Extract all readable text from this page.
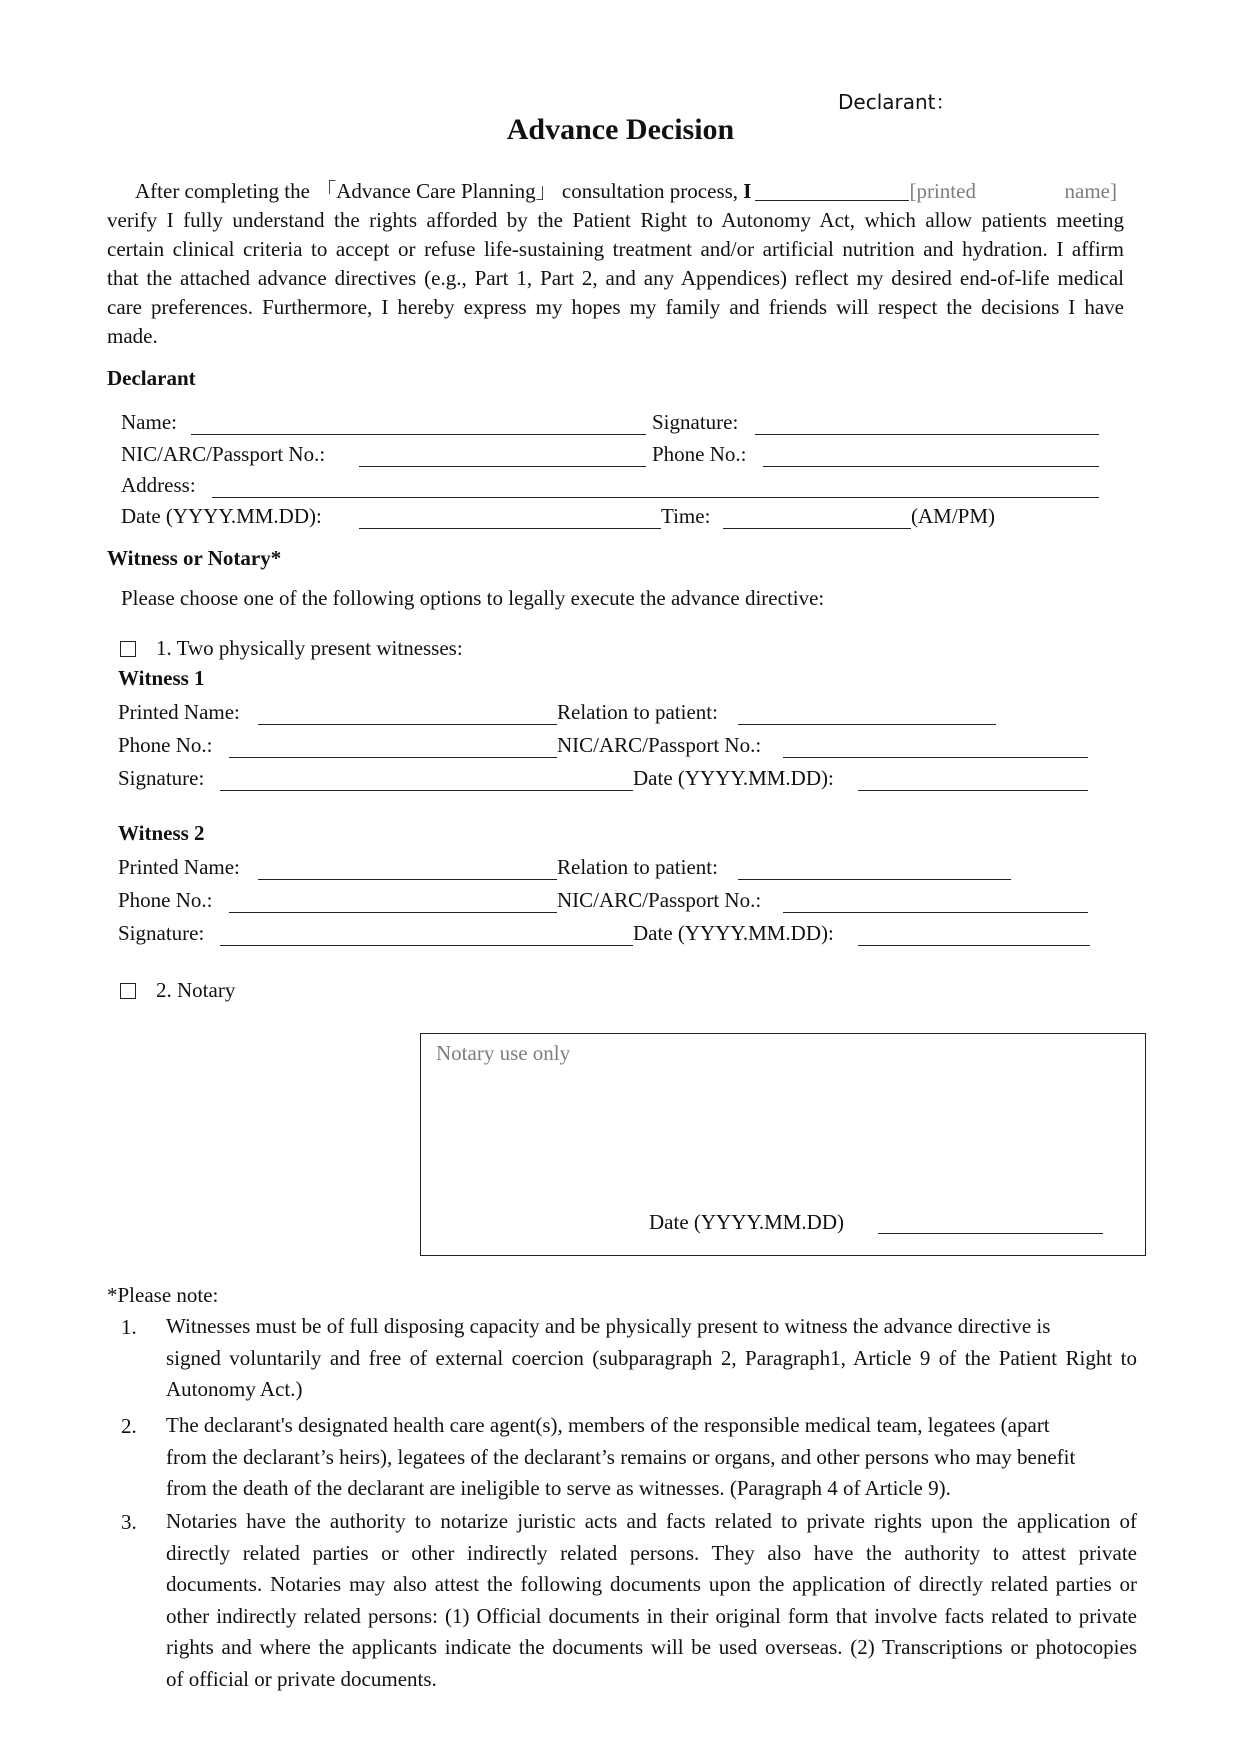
Declarant：
Advance Decision
After completing the 「Advance Care Planning」 consultation process, I	[printed	name]
verify I fully understand the rights afforded by the Patient Right to Autonomy Act, which allow patients meeting
certain clinical criteria to accept or refuse life-sustaining treatment and/or artificial nutrition and hydration. I affirm
that the attached advance directives (e.g., Part 1, Part 2, and any Appendices) reflect my desired end-of-life medical
care preferences. Furthermore, I hereby express my hopes my family and friends will respect the decisions I have
made.
Declarant
Name:	Signature:
NIC/ARC/Passport No.:	Phone No.:
Address:
Date (YYYY.MM.DD):	Time:	(AM/PM)
Witness or Notary*
Please choose one of the following options to legally execute the advance directive:
1. Two physically present witnesses:
Witness 1
Printed Name:	Relation to patient:
Phone No.:	NIC/ARC/Passport No.:
Signature:	Date (YYYY.MM.DD):
Witness 2
Printed Name:	Relation to patient:
Phone No.:	NIC/ARC/Passport No.:
Signature:	Date (YYYY.MM.DD):
2. Notary
Notary use only
Date (YYYY.MM.DD)
*Please note:
1. Witnesses must be of full disposing capacity and be physically present to witness the advance directive is
signed voluntarily and free of external coercion (subparagraph 2, Paragraph1, Article 9 of the Patient Right to
Autonomy Act.)
2. The declarant's designated health care agent(s), members of the responsible medical team, legatees (apart
from the declarant’s heirs), legatees of the declarant’s remains or organs, and other persons who may benefit
from the death of the declarant are ineligible to serve as witnesses. (Paragraph 4 of Article 9).
3. Notaries have the authority to notarize juristic acts and facts related to private rights upon the application of
directly related parties or other indirectly related persons. They also have the authority to attest private
documents. Notaries may also attest the following documents upon the application of directly related parties or
other indirectly related persons: (1) Official documents in their original form that involve facts related to private
rights and where the applicants indicate the documents will be used overseas. (2) Transcriptions or photocopies
of official or private documents.
